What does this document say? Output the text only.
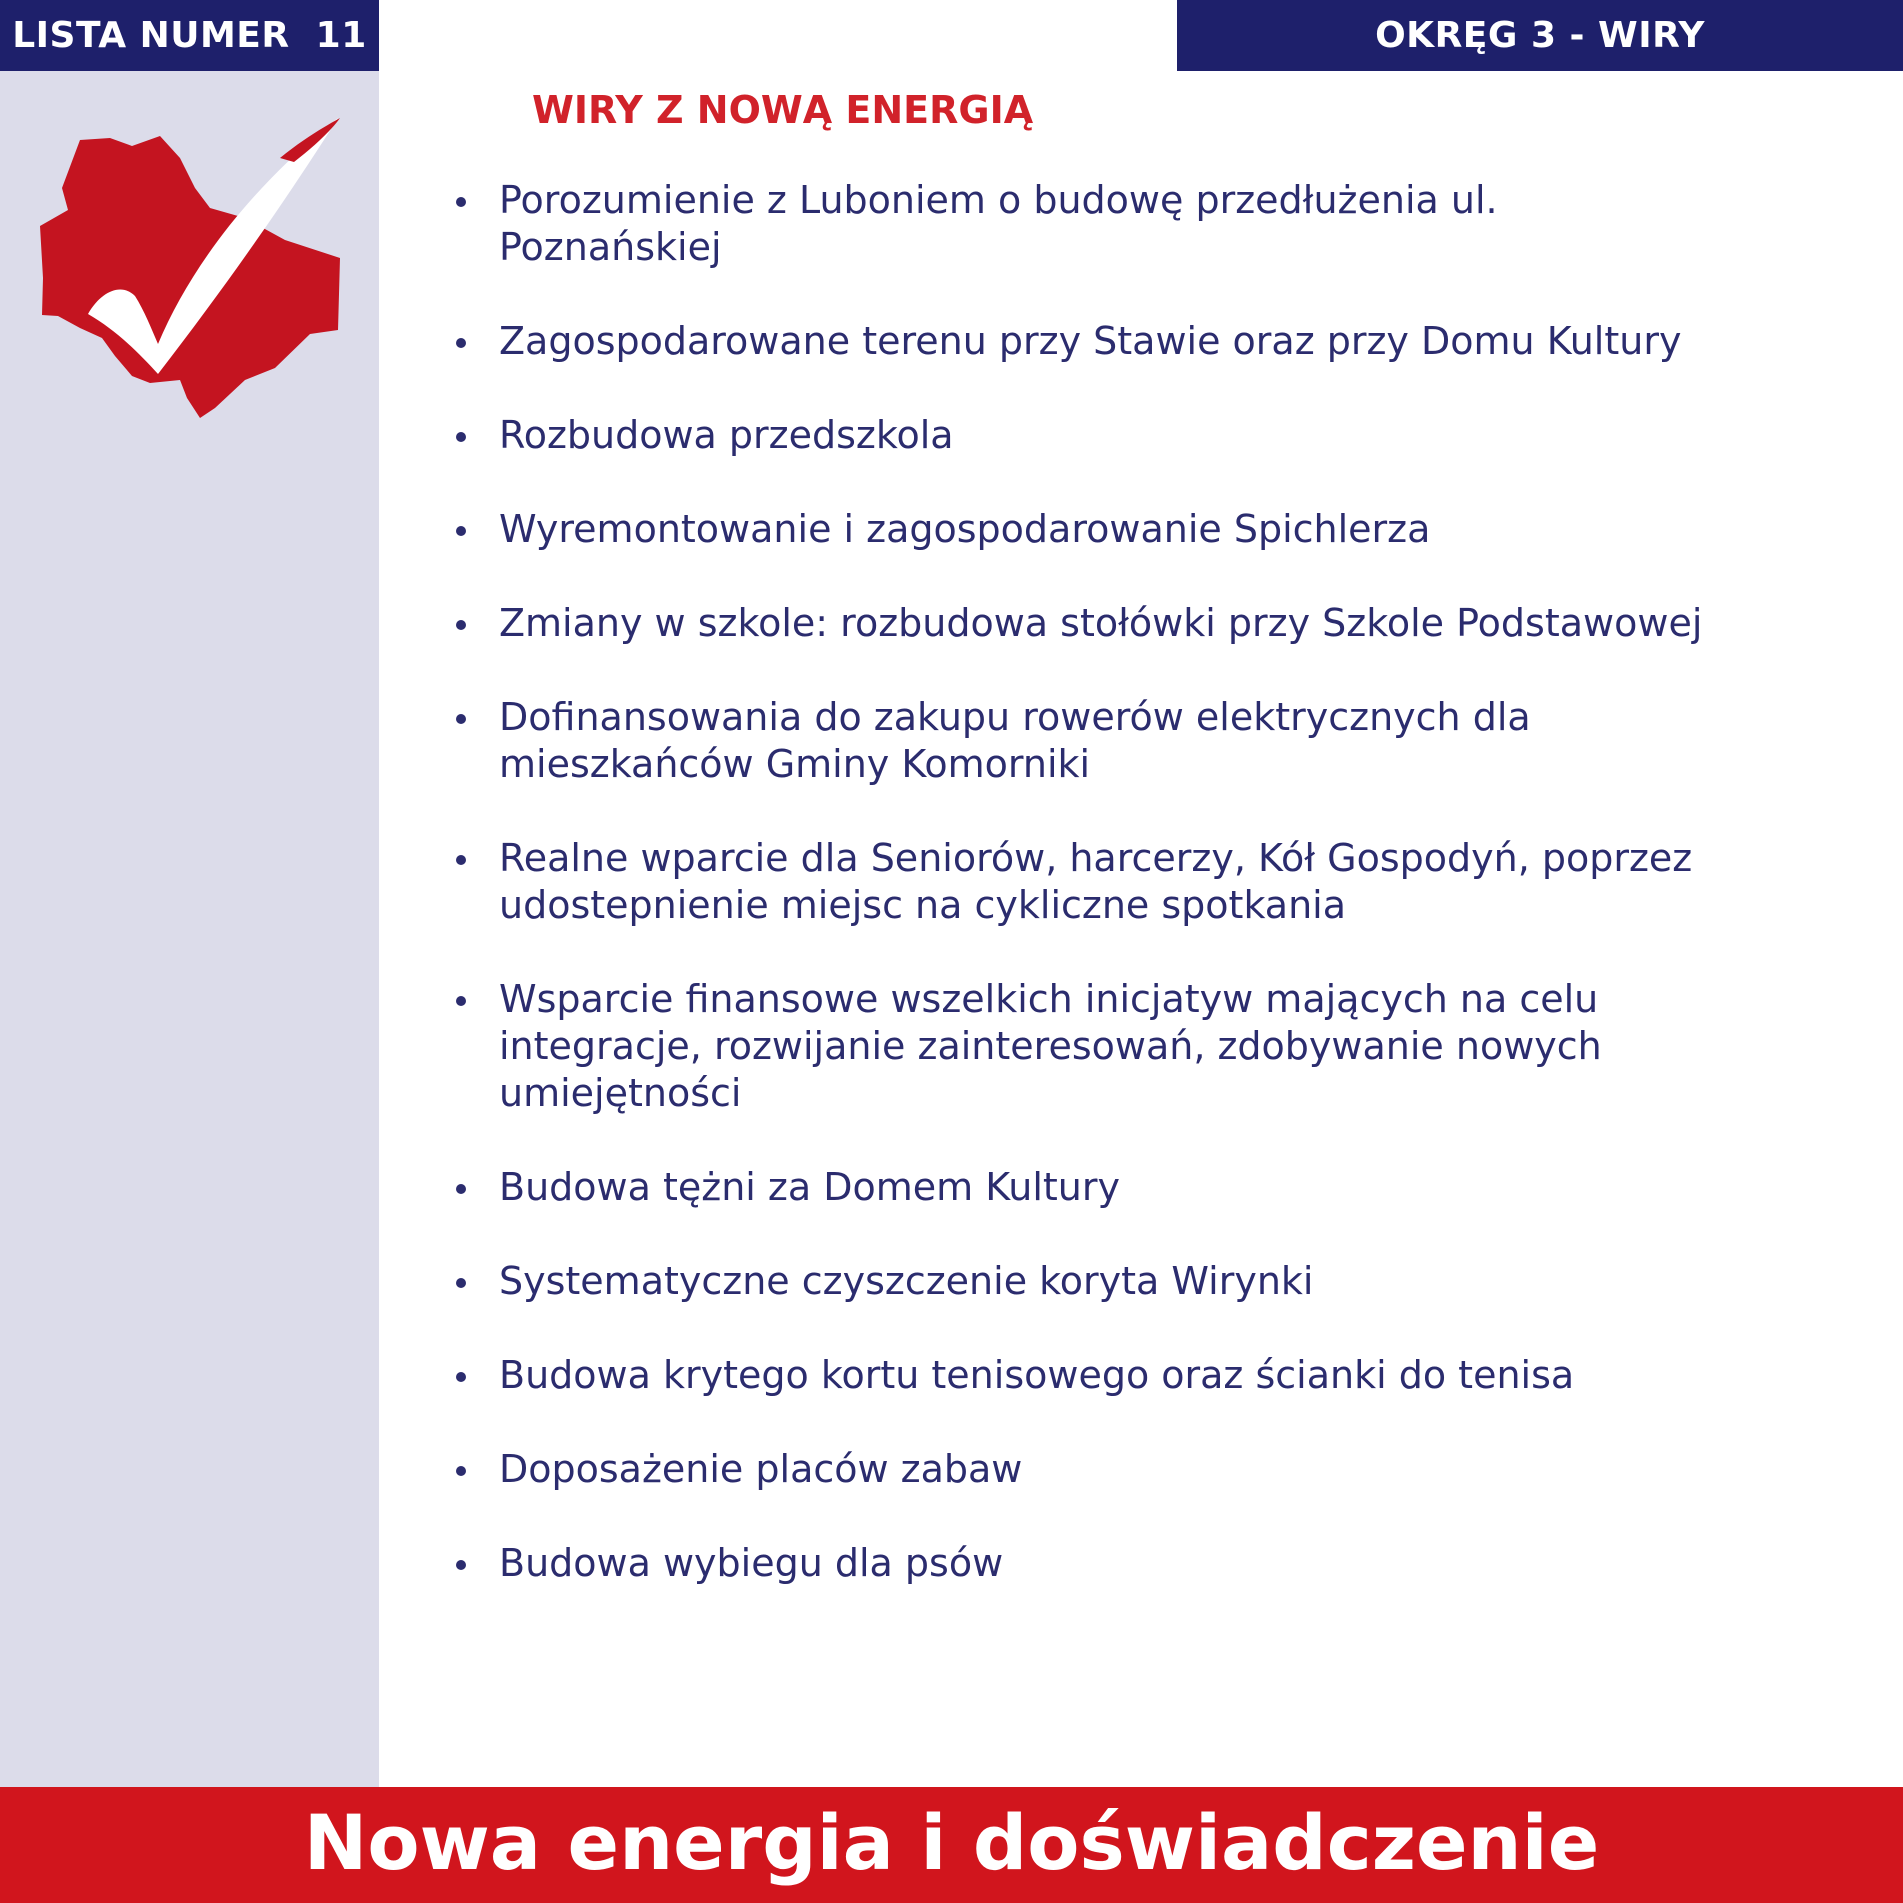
LISTA NUMER  11	OKRĘG 3 - WIRY
WIRY Z NOWĄ ENERGIĄ
Porozumienie z Luboniem o budowę przedłużenia ul.
Poznańskiej
Zagospodarowane terenu przy Stawie oraz przy Domu Kultury
Rozbudowa przedszkola
Wyremontowanie i zagospodarowanie Spichlerza
Zmiany w szkole: rozbudowa stołówki przy Szkole Podstawowej
Dofinansowania do zakupu rowerów elektrycznych dla
mieszkańców Gminy Komorniki
Realne wparcie dla Seniorów, harcerzy, Kół Gospodyń, poprzez
udostepnienie miejsc na cykliczne spotkania
Wsparcie finansowe wszelkich inicjatyw mających na celu
integracje, rozwijanie zainteresowań, zdobywanie nowych
umiejętności
Budowa tężni za Domem Kultury
Systematyczne czyszczenie koryta Wirynki
Budowa krytego kortu tenisowego oraz ścianki do tenisa
Doposażenie placów zabaw
Budowa wybiegu dla psów
Nowa energia i doświadczenie
